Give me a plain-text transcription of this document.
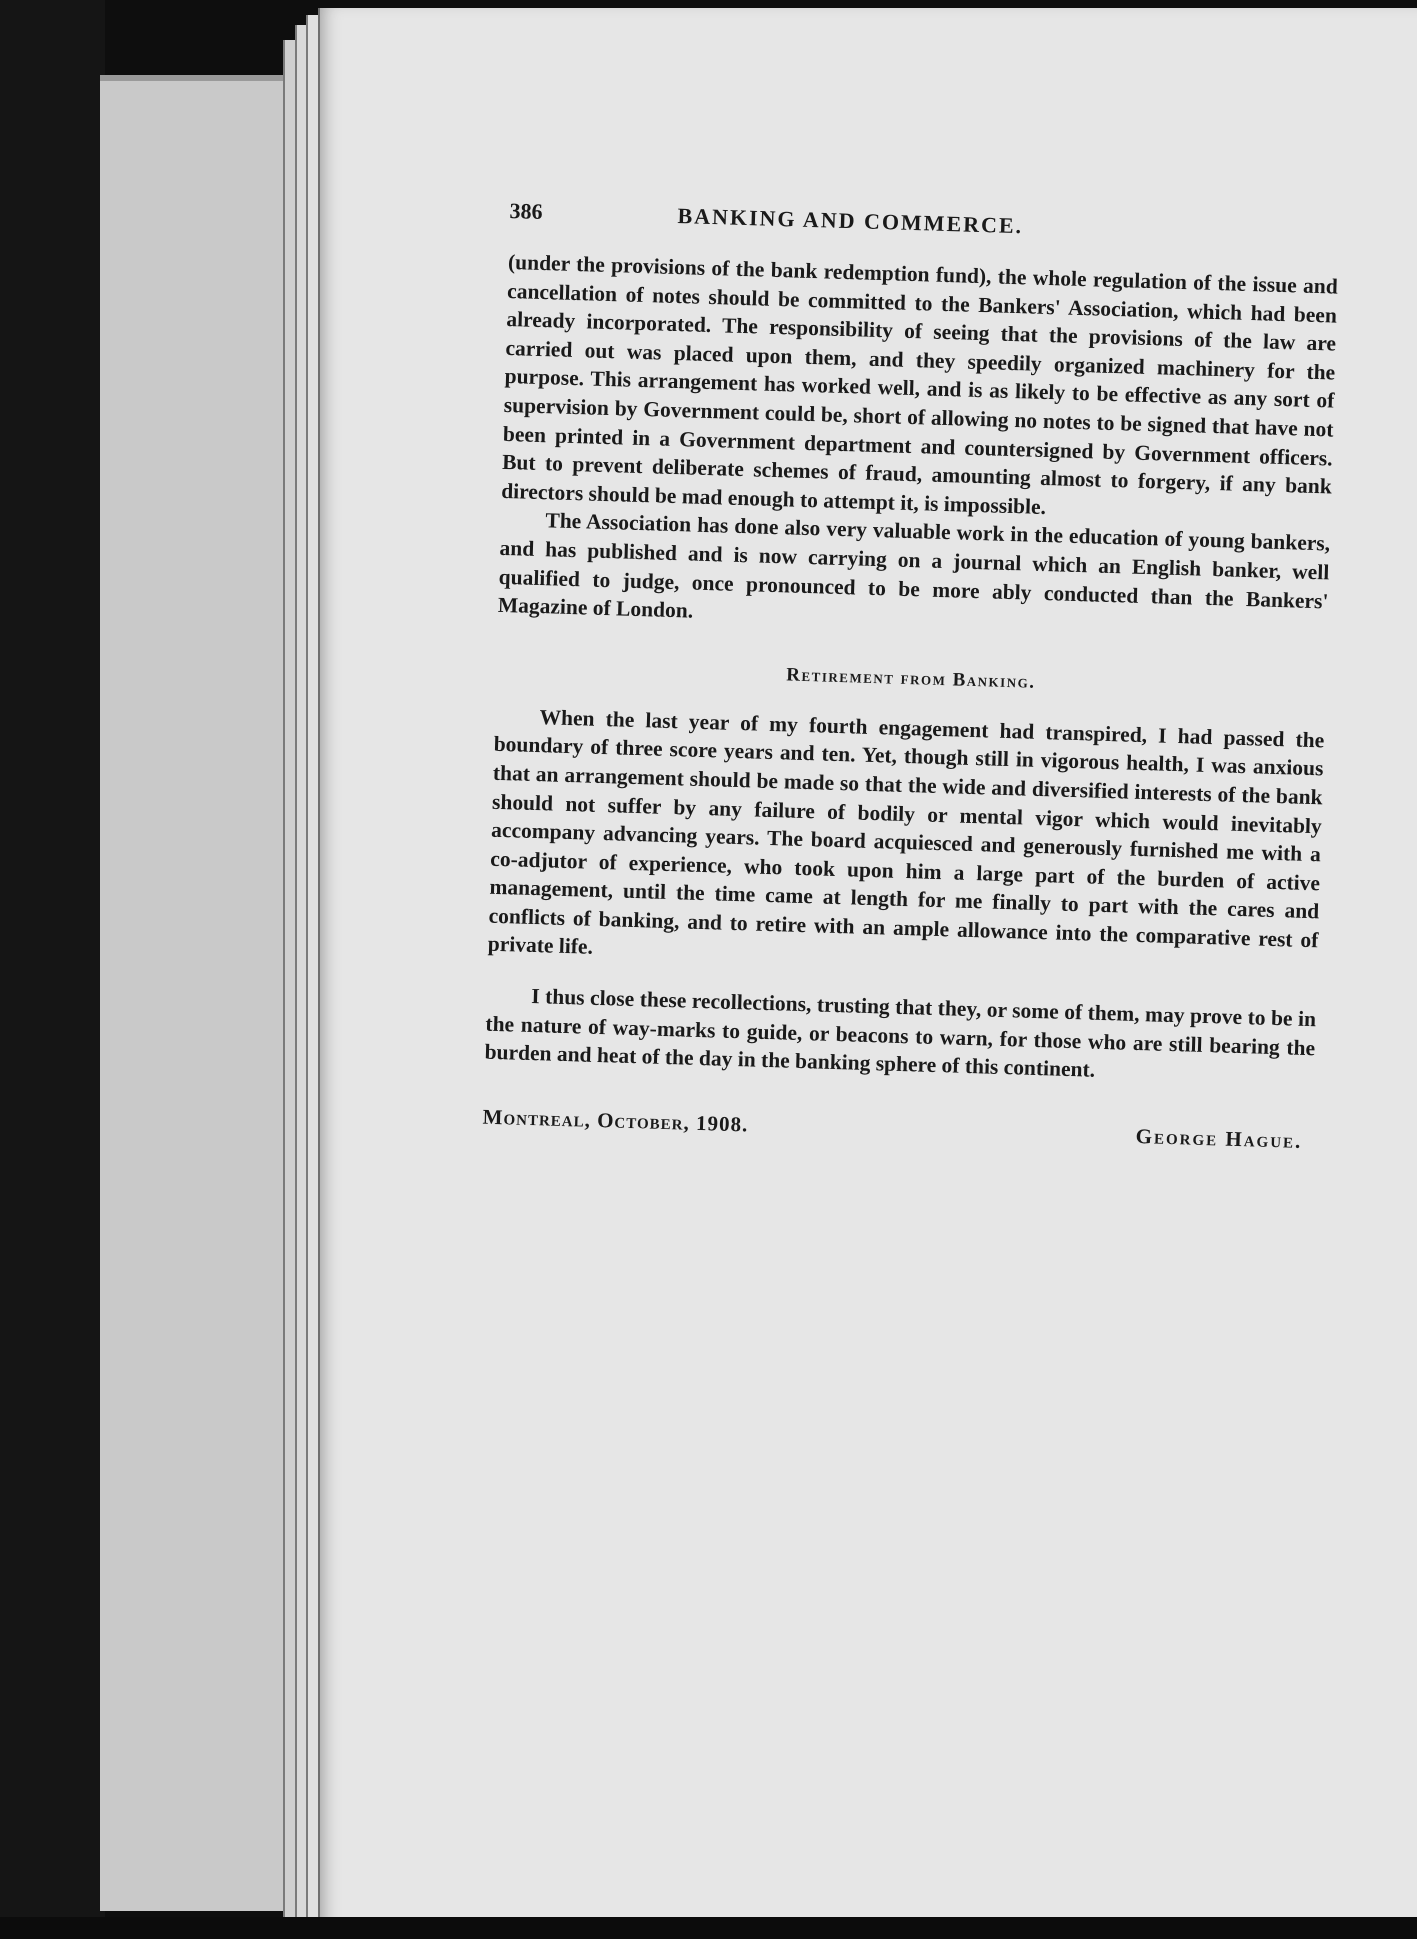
386	BANKING AND COMMERCE.

(under the provisions of the bank redemption fund), the whole regulation of the issue and cancellation of notes should be committed to the Bankers' Association, which had been already incorporated. The responsibility of seeing that the provisions of the law are carried out was placed upon them, and they speedily organized machinery for the purpose. This arrangement has worked well, and is as likely to be effective as any sort of supervision by Government could be, short of allowing no notes to be signed that have not been printed in a Government department and countersigned by Government officers. But to prevent deliberate schemes of fraud, amounting almost to forgery, if any bank directors should be mad enough to attempt it, is impossible.

The Association has done also very valuable work in the education of young bankers, and has published and is now carrying on a journal which an English banker, well qualified to judge, once pronounced to be more ably conducted than the Bankers' Magazine of London.

Retirement from Banking.

When the last year of my fourth engagement had transpired, I had passed the boundary of three score years and ten. Yet, though still in vigorous health, I was anxious that an arrangement should be made so that the wide and diversified interests of the bank should not suffer by any failure of bodily or mental vigor which would inevitably accompany advancing years. The board acquiesced and generously furnished me with a co-adjutor of experience, who took upon him a large part of the burden of active management, until the time came at length for me finally to part with the cares and conflicts of banking, and to retire with an ample allowance into the comparative rest of private life.

I thus close these recollections, trusting that they, or some of them, may prove to be in the nature of way-marks to guide, or beacons to warn, for those who are still bearing the burden and heat of the day in the banking sphere of this continent.

Montreal, October, 1908.
George Hague.
